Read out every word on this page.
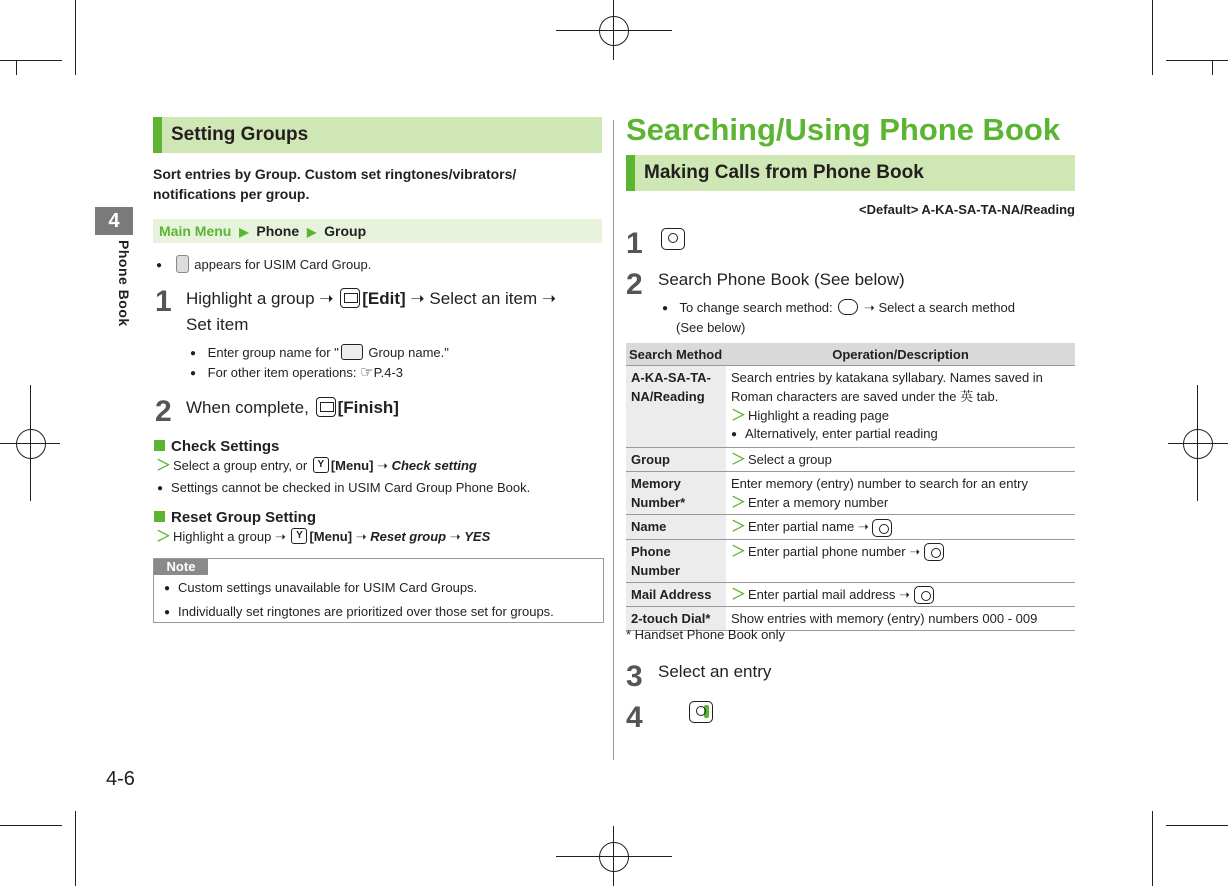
4
Phone Book
4-6
Setting Groups
Sort entries by Group. Custom set ringtones/vibrators/ notifications per group.
Main Menu ▶ Phone ▶ Group
● appears for USIM Card Group.
1 Highlight a group ➝ [Edit] ➝ Select an item ➝
Set item
● Enter group name for " Group name."
● For other item operations: ☞P.4-3
2 When complete, [Finish]
Check Settings
＞ Select a group entry, or Y [Menu] ➝ Check setting
● Settings cannot be checked in USIM Card Group Phone Book.
Reset Group Setting
＞ Highlight a group ➝ Y [Menu] ➝ Reset group ➝ YES
Note
● Custom settings unavailable for USIM Card Groups.
● Individually set ringtones are prioritized over those set for groups.
Searching/Using Phone Book
Making Calls from Phone Book
<Default> A-KA-SA-TA-NA/Reading
1

2 Search Phone Book (See below)
● To change search method: ➝ Select a search method
(See below)
Search Method	Operation/Description
A-KA-SA-TA-NA/Reading	Search entries by katakana syllabary. Names saved in Roman characters are saved under the 英 tab.
＞ Highlight a reading page
● Alternatively, enter partial reading

Group	＞ Select a group
Memory Number*	Enter memory (entry) number to search for an entry
＞ Enter a memory number

Name	＞ Enter partial name ➝
Phone Number	＞ Enter partial phone number ➝
Mail Address	＞ Enter partial mail address ➝
2-touch Dial*	Show entries with memory (entry) numbers 000 - 009
* Handset Phone Book only
3 Select an entry
4
